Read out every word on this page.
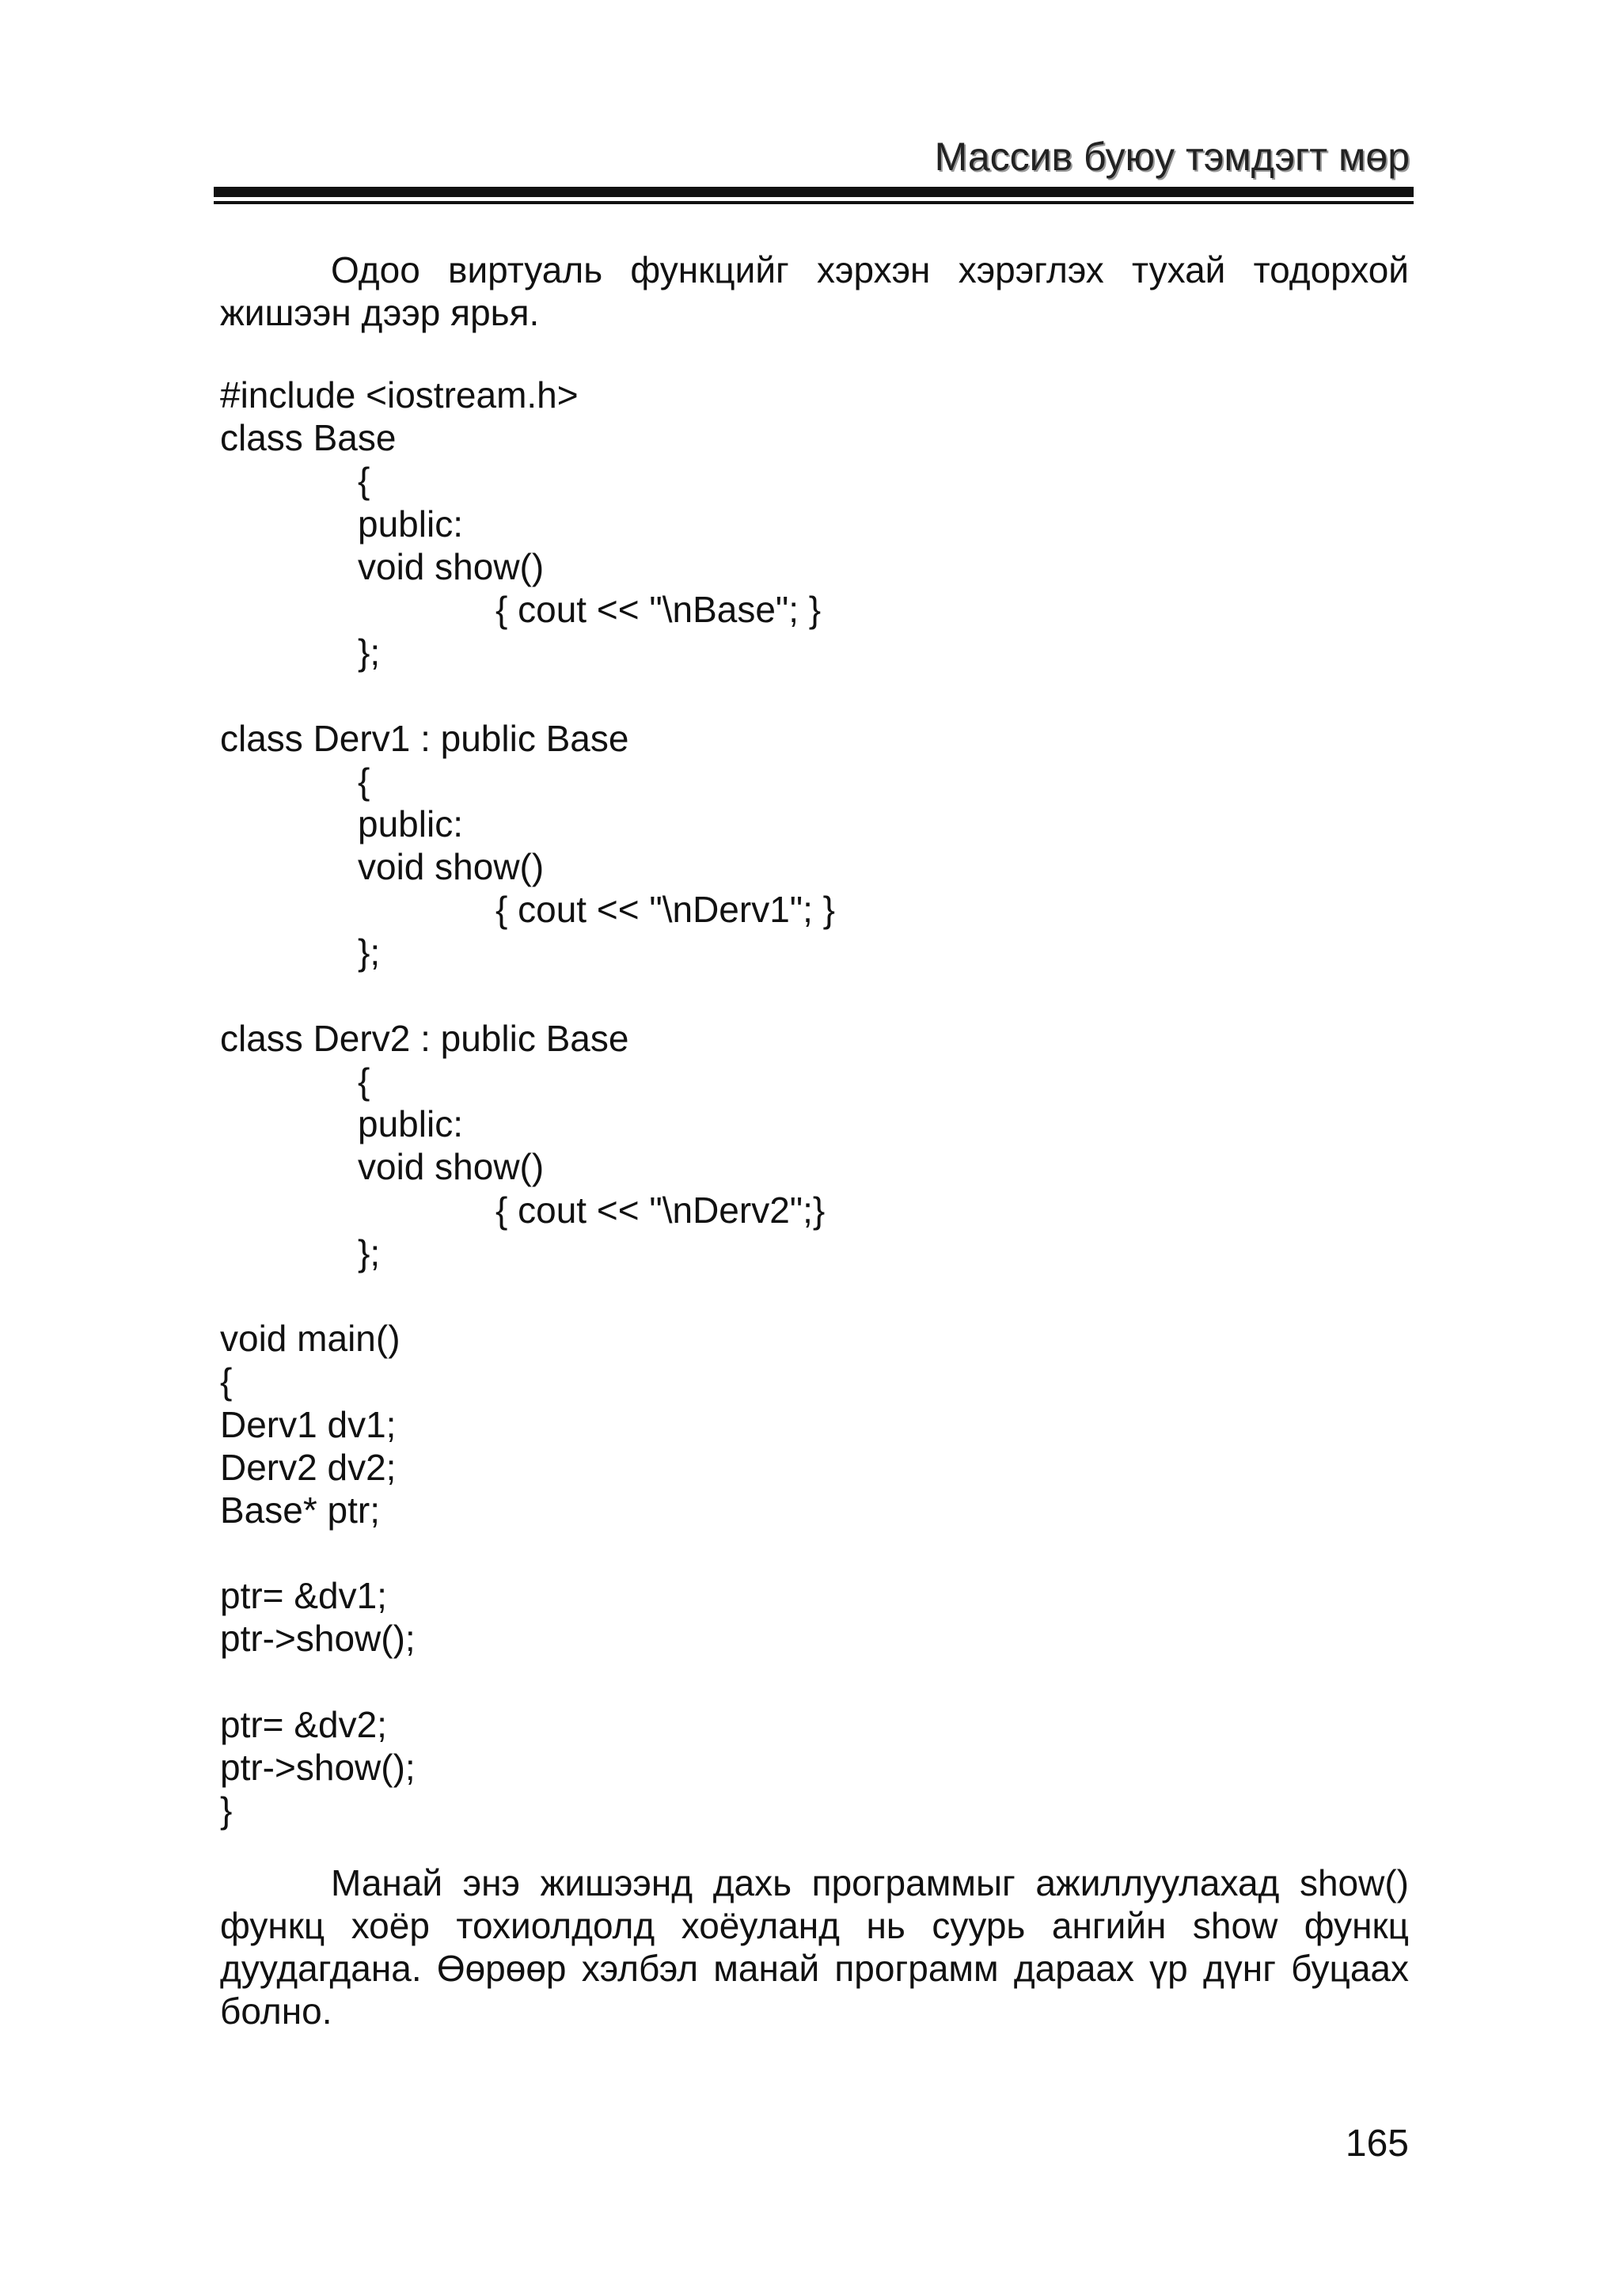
Массив буюу тэмдэгт мөр

Одоо виртуаль функцийг хэрхэн хэрэглэх тухай тодорхой жишээн дээр ярья.

#include <iostream.h>
class Base
{
public:
void show()
{ cout << "\nBase"; }
};
class Derv1 : public Base
{
public:
void show()
{ cout << "\nDerv1"; }
};
class Derv2 : public Base
{
public:
void show()
{ cout << "\nDerv2";}
};
void main()
{
Derv1 dv1;
Derv2 dv2;
Base* ptr;
ptr= &dv1;
ptr->show();
ptr= &dv2;
ptr->show();
}

Манай энэ жишээнд дахь программыг ажиллуулахад show() функц хоёр тохиолдолд хоёуланд нь суурь ангийн show функц дуудагдана. Өөрөөр хэлбэл манай программ дараах үр дүнг буцаах болно.

165
